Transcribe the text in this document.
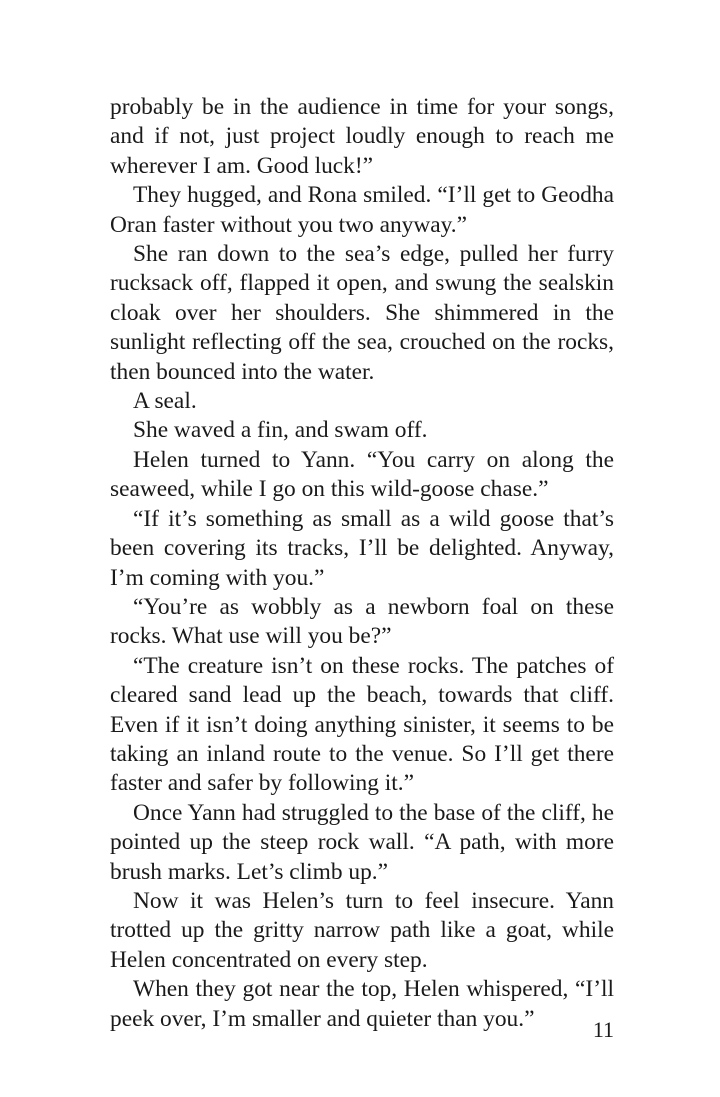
probably be in the audience in time for your songs, and if not, just project loudly enough to reach me wherever I am. Good luck!”

They hugged, and Rona smiled. “I’ll get to Geodha Oran faster without you two anyway.”

She ran down to the sea’s edge, pulled her furry rucksack off, flapped it open, and swung the sealskin cloak over her shoulders. She shimmered in the sunlight reflecting off the sea, crouched on the rocks, then bounced into the water.

A seal.

She waved a fin, and swam off.

Helen turned to Yann. “You carry on along the seaweed, while I go on this wild-goose chase.”

“If it’s something as small as a wild goose that’s been covering its tracks, I’ll be delighted. Anyway, I’m coming with you.”

“You’re as wobbly as a newborn foal on these rocks. What use will you be?”

“The creature isn’t on these rocks. The patches of cleared sand lead up the beach, towards that cliff. Even if it isn’t doing anything sinister, it seems to be taking an inland route to the venue. So I’ll get there faster and safer by following it.”

Once Yann had struggled to the base of the cliff, he pointed up the steep rock wall. “A path, with more brush marks. Let’s climb up.”

Now it was Helen’s turn to feel insecure. Yann trotted up the gritty narrow path like a goat, while Helen concentrated on every step.

When they got near the top, Helen whispered, “I’ll peek over, I’m smaller and quieter than you.”	11
